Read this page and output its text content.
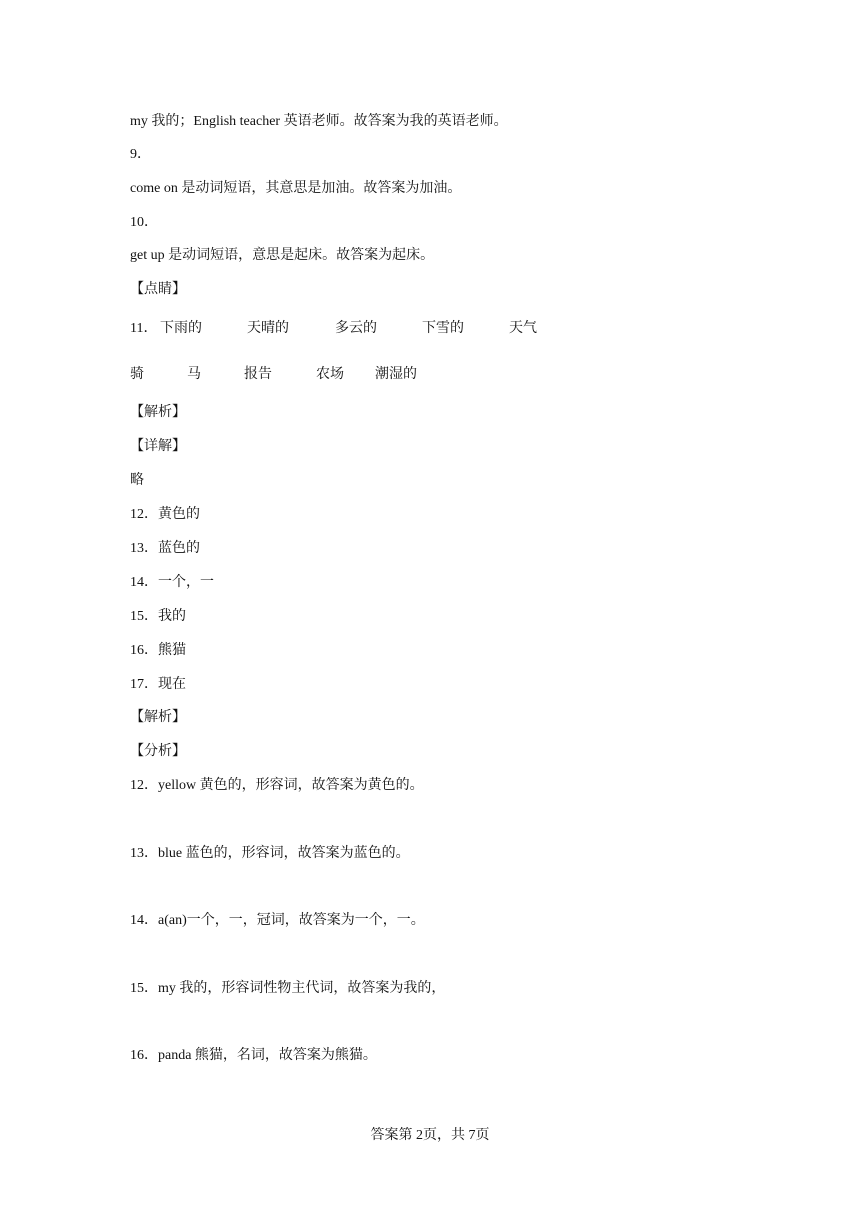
my 我的；English teacher 英语老师。故答案为我的英语老师。
9．
come on 是动词短语，其意思是加油。故答案为加油。
10．
get up 是动词短语，意思是起床。故答案为起床。
【点睛】
11． 下雨的	天晴的	多云的	下雪的	天气
骑	马	报告	农场 潮湿的
【解析】
【详解】
略
12．黄色的
13．蓝色的
14．一个，一
15．我的
16．熊猫
17．现在
【解析】
【分析】
12．yellow 黄色的，形容词，故答案为黄色的。
13．blue 蓝色的，形容词，故答案为蓝色的。
14．a(an)一个，一，冠词，故答案为一个，一。
15．my 我的，形容词性物主代词，故答案为我的，
16．panda 熊猫，名词，故答案为熊猫。
答案第 2页，共 7页
